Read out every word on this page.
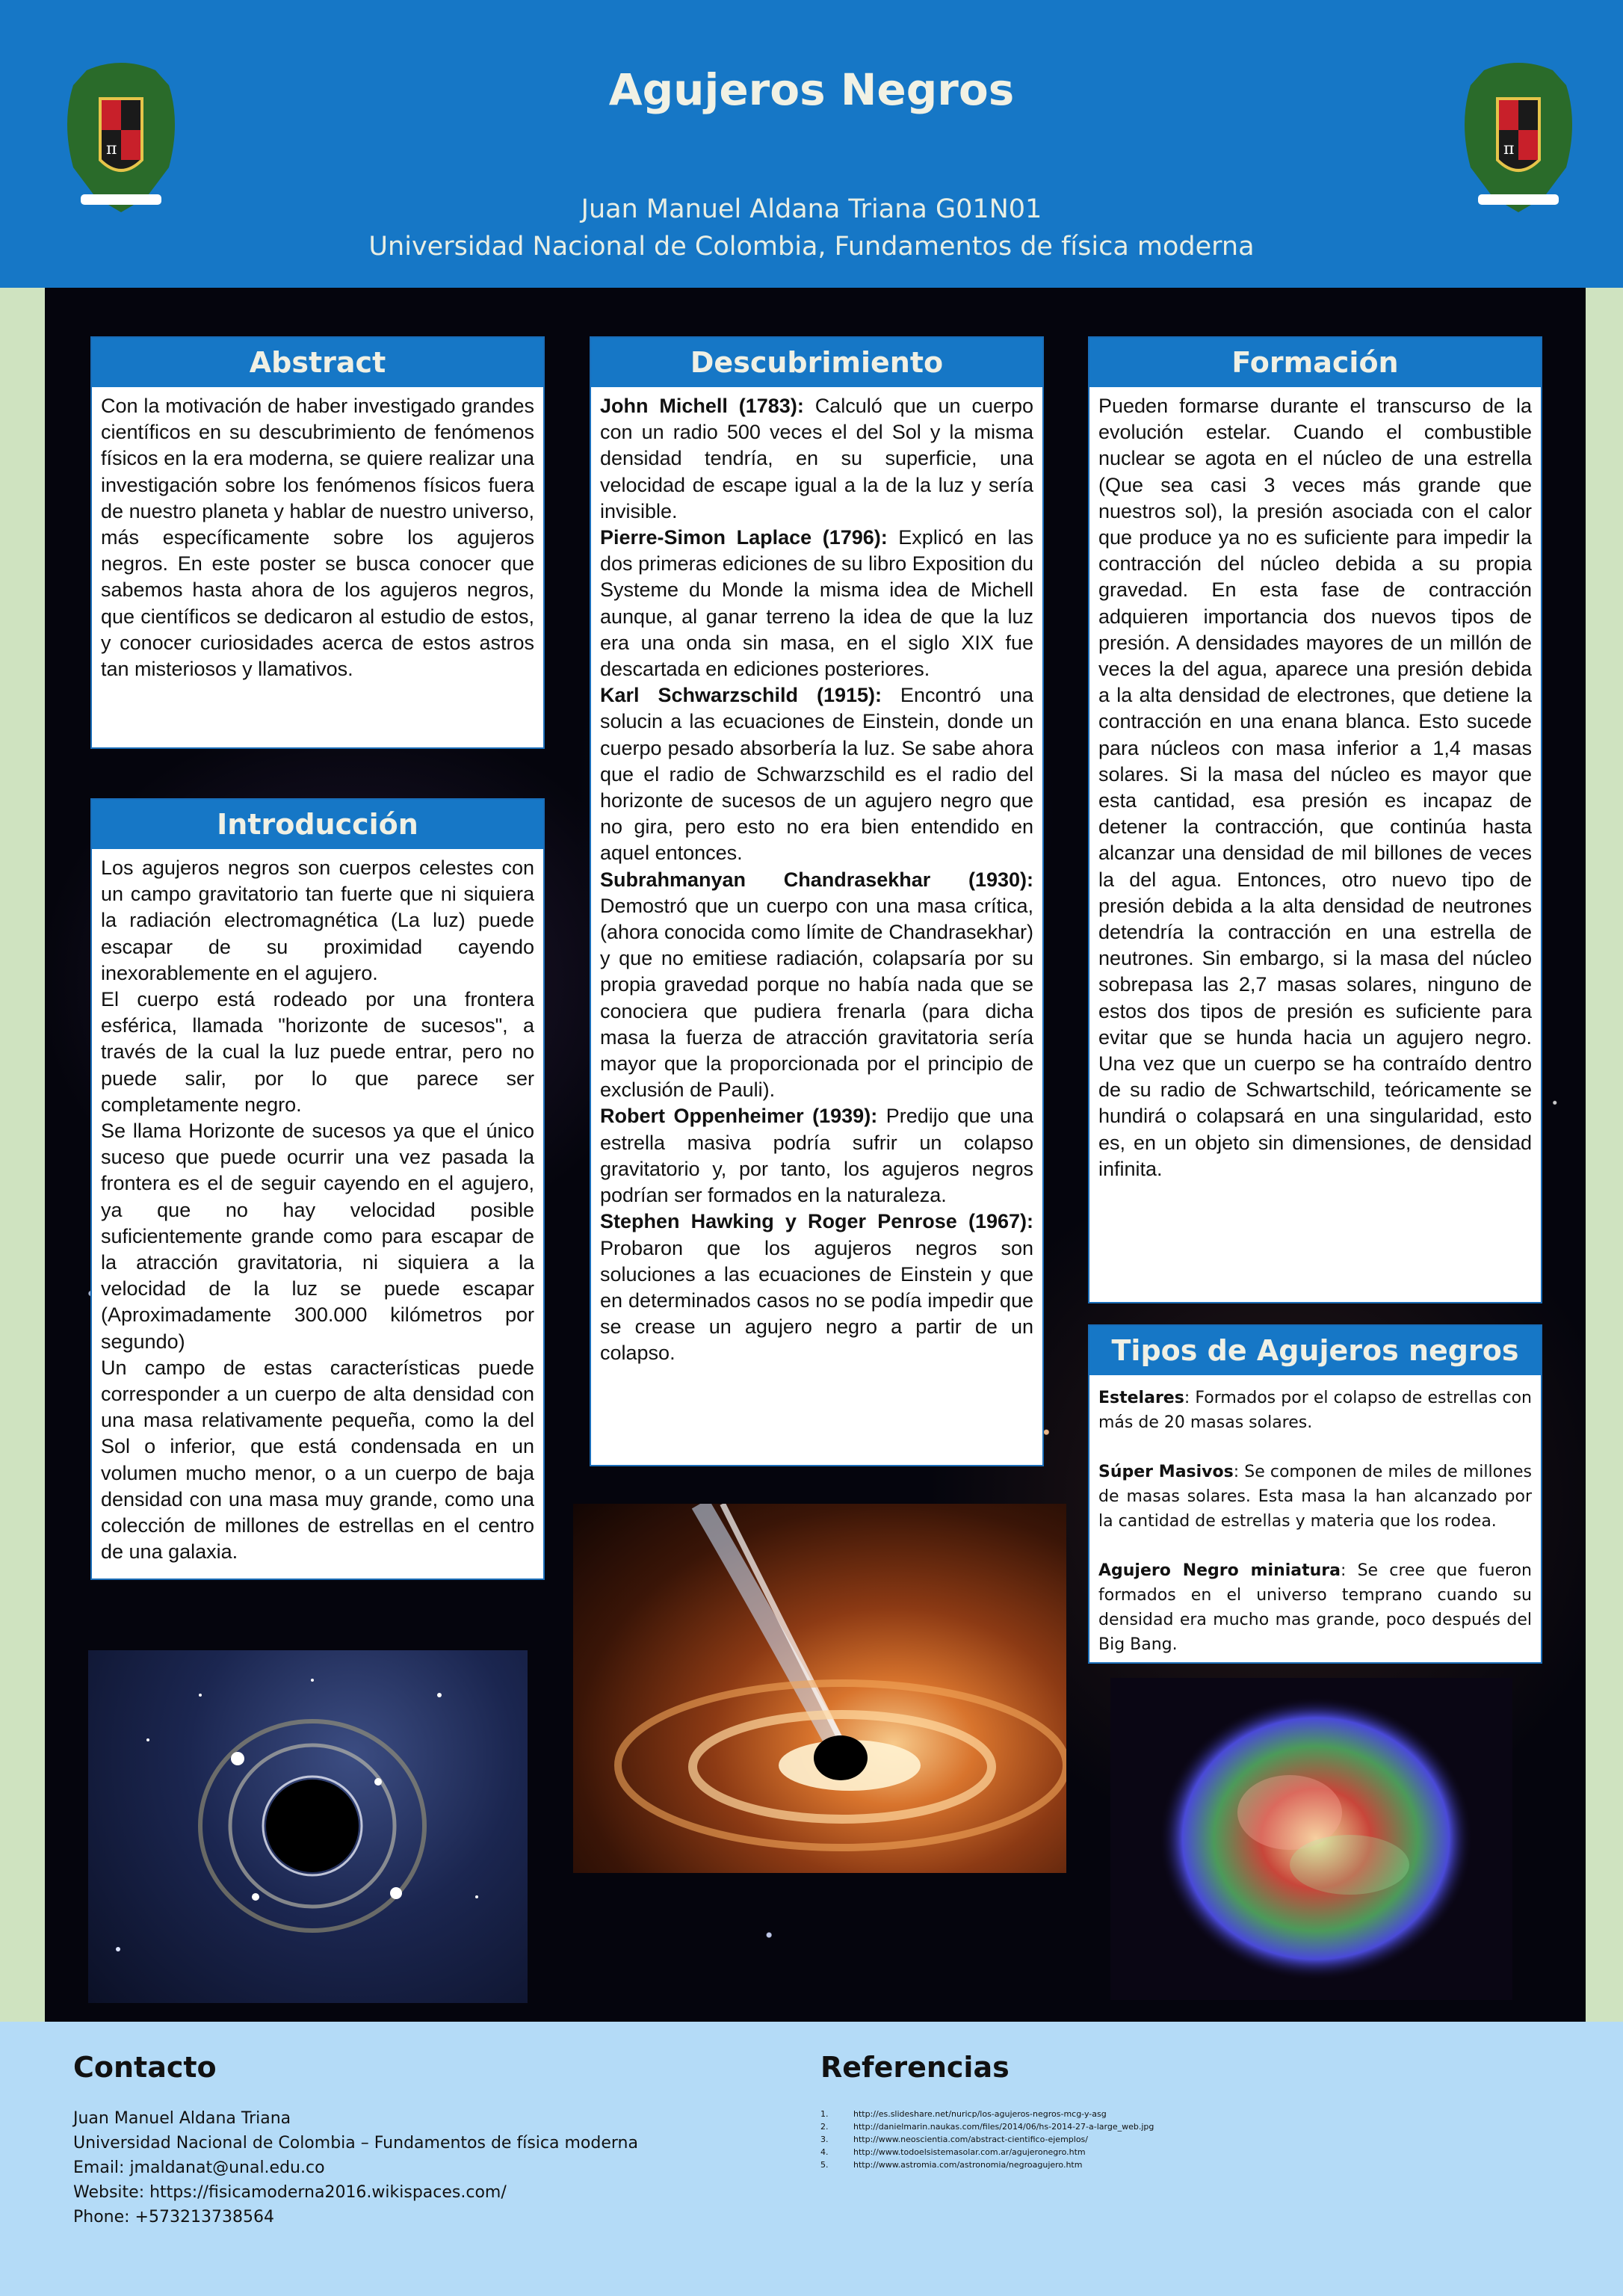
π	π
Agujeros Negros
Juan Manuel Aldana Triana G01N01
Universidad Nacional de Colombia, Fundamentos de física moderna
Abstract

Con la motivación de haber investigado grandes científicos en su descubrimiento de fenómenos físicos en la era moderna, se quiere realizar una investigación sobre los fenómenos físicos fuera de nuestro planeta y hablar de nuestro universo, más específicamente sobre los agujeros negros. En este poster se busca conocer que sabemos hasta ahora de los agujeros negros, que científicos se dedicaron al estudio de estos, y conocer curiosidades acerca de estos astros tan misteriosos y llamativos.

Introducción

Los agujeros negros son cuerpos celestes con un campo gravitatorio tan fuerte que ni siquiera la radiación electromagnética (La luz) puede escapar de su proximidad cayendo inexorablemente en el agujero.

El cuerpo está rodeado por una frontera esférica, llamada "horizonte de sucesos", a través de la cual la luz puede entrar, pero no puede salir, por lo que parece ser completamente negro.

Se llama Horizonte de sucesos ya que el único suceso que puede ocurrir una vez pasada la frontera es el de seguir cayendo en el agujero, ya que no hay velocidad posible suficientemente grande como para escapar de la atracción gravitatoria, ni siquiera a la velocidad de la luz se puede escapar (Aproximadamente 300.000 kilómetros por segundo)

Un campo de estas características puede corresponder a un cuerpo de alta densidad con una masa relativamente pequeña, como la del Sol o inferior, que está condensada en un volumen mucho menor, o a un cuerpo de baja densidad con una masa muy grande, como una colección de millones de estrellas en el centro de una galaxia.

Descubrimiento

John Michell (1783): Calculó que un cuerpo con un radio 500 veces el del Sol y la misma densidad tendría, en su superficie, una velocidad de escape igual a la de la luz y sería invisible.

Pierre-Simon Laplace (1796): Explicó en las dos primeras ediciones de su libro Exposition du Systeme du Monde la misma idea de Michell aunque, al ganar terreno la idea de que la luz era una onda sin masa, en el siglo XIX fue descartada en ediciones posteriores.

Karl Schwarzschild (1915): Encontró una solucin a las ecuaciones de Einstein, donde un cuerpo pesado absorbería la luz. Se sabe ahora que el radio de Schwarzschild es el radio del horizonte de sucesos de un agujero negro que no gira, pero esto no era bien entendido en aquel entonces.

Subrahmanyan Chandrasekhar (1930): Demostró que un cuerpo con una masa crítica, (ahora conocida como límite de Chandrasekhar) y que no emitiese radiación, colapsaría por su propia gravedad porque no había nada que se conociera que pudiera frenarla (para dicha masa la fuerza de atracción gravitatoria sería mayor que la proporcionada por el principio de exclusión de Pauli).

Robert Oppenheimer (1939): Predijo que una estrella masiva podría sufrir un colapso gravitatorio y, por tanto, los agujeros negros podrían ser formados en la naturaleza.

Stephen Hawking y Roger Penrose (1967): Probaron que los agujeros negros son soluciones a las ecuaciones de Einstein y que en determinados casos no se podía impedir que se crease un agujero negro a partir de un colapso.

Formación

Pueden formarse durante el transcurso de la evolución estelar. Cuando el combustible nuclear se agota en el núcleo de una estrella (Que sea casi 3 veces más grande que nuestros sol), la presión asociada con el calor que produce ya no es suficiente para impedir la contracción del núcleo debida a su propia gravedad. En esta fase de contracción adquieren importancia dos nuevos tipos de presión. A densidades mayores de un millón de veces la del agua, aparece una presión debida a la alta densidad de electrones, que detiene la contracción en una enana blanca. Esto sucede para núcleos con masa inferior a 1,4 masas solares. Si la masa del núcleo es mayor que esta cantidad, esa presión es incapaz de detener la contracción, que continúa hasta alcanzar una densidad de mil billones de veces la del agua. Entonces, otro nuevo tipo de presión debida a la alta densidad de neutrones detendría la contracción en una estrella de neutrones. Sin embargo, si la masa del núcleo sobrepasa las 2,7 masas solares, ninguno de estos dos tipos de presión es suficiente para evitar que se hunda hacia un agujero negro. Una vez que un cuerpo se ha contraído dentro de su radio de Schwartschild, teóricamente se hundirá o colapsará en una singularidad, esto es, en un objeto sin dimensiones, de densidad infinita.

Tipos de Agujeros negros

Estelares: Formados por el colapso de estrellas con más de 20 masas solares.

Súper Masivos: Se componen de miles de millones de masas solares. Esta masa la han alcanzado por la cantidad de estrellas y materia que los rodea.

Agujero Negro miniatura: Se cree que fueron formados en el universo temprano cuando su densidad era mucho mas grande, poco después del Big Bang.

Contacto
Juan Manuel Aldana Triana
Universidad Nacional de Colombia – Fundamentos de física moderna
Email: jmaldanat@unal.edu.co
Website: https://fisicamoderna2016.wikispaces.com/
Phone: +573213738564
Referencias
1.	http://es.slideshare.net/nuricp/los-agujeros-negros-mcg-y-asg
2.	http://danielmarin.naukas.com/files/2014/06/hs-2014-27-a-large_web.jpg
3.	http://www.neoscientia.com/abstract-cientifico-ejemplos/
4.	http://www.todoelsistemasolar.com.ar/agujeronegro.htm
5.	http://www.astromia.com/astronomia/negroagujero.htm
